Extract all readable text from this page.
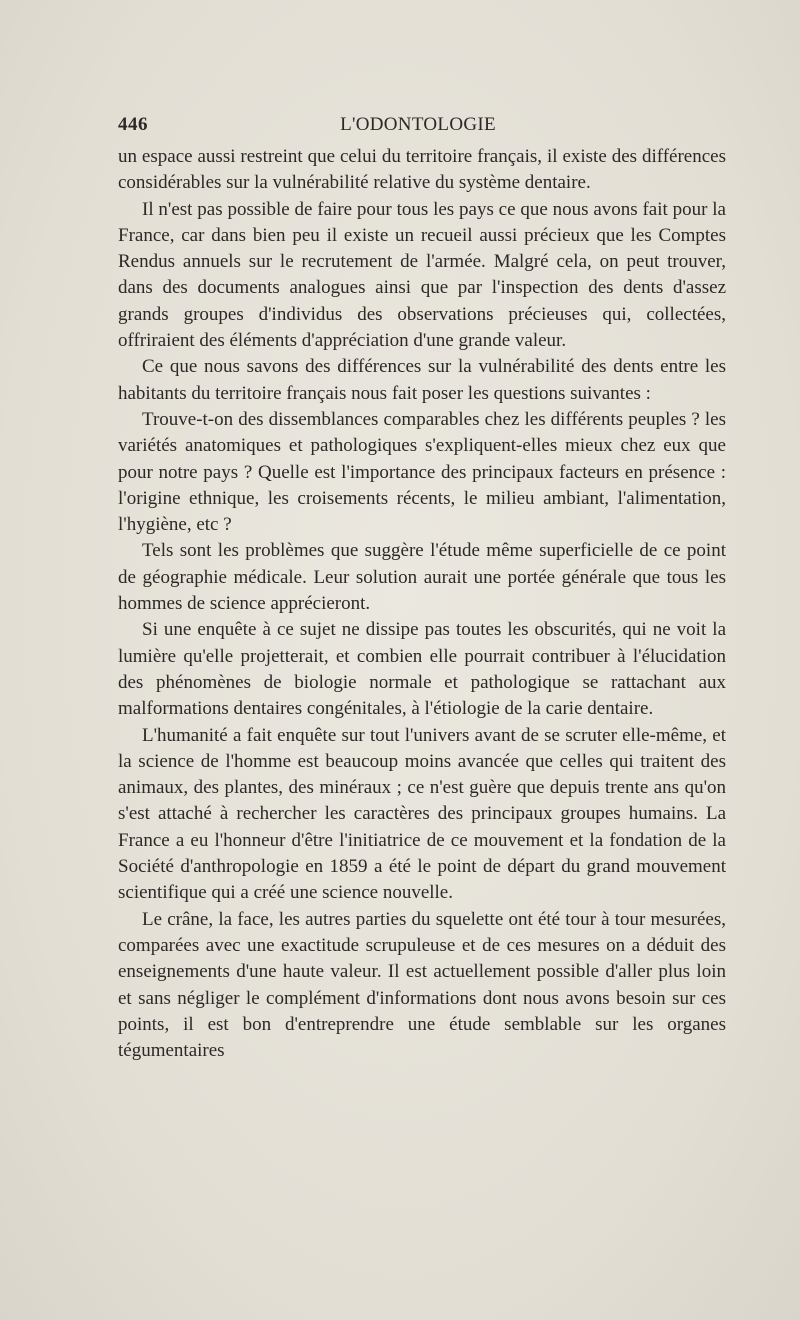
446	L'ODONTOLOGIE

un espace aussi restreint que celui du territoire français, il existe des différences considérables sur la vulnérabilité relative du système dentaire.

Il n'est pas possible de faire pour tous les pays ce que nous avons fait pour la France, car dans bien peu il existe un recueil aussi précieux que les Comptes Rendus annuels sur le recrutement de l'armée. Malgré cela, on peut trouver, dans des documents analogues ainsi que par l'inspection des dents d'assez grands groupes d'individus des observations précieuses qui, collectées, offriraient des éléments d'appréciation d'une grande valeur.

Ce que nous savons des différences sur la vulnérabilité des dents entre les habitants du territoire français nous fait poser les questions suivantes :

Trouve-t-on des dissemblances comparables chez les différents peuples ? les variétés anatomiques et pathologiques s'expliquent-elles mieux chez eux que pour notre pays ? Quelle est l'importance des principaux facteurs en présence : l'origine ethnique, les croisements récents, le milieu ambiant, l'alimentation, l'hygiène, etc ?

Tels sont les problèmes que suggère l'étude même superficielle de ce point de géographie médicale. Leur solution aurait une portée générale que tous les hommes de science apprécieront.

Si une enquête à ce sujet ne dissipe pas toutes les obscurités, qui ne voit la lumière qu'elle projetterait, et combien elle pourrait contribuer à l'élucidation des phénomènes de biologie normale et pathologique se rattachant aux malformations dentaires congénitales, à l'étiologie de la carie dentaire.

L'humanité a fait enquête sur tout l'univers avant de se scruter elle-même, et la science de l'homme est beaucoup moins avancée que celles qui traitent des animaux, des plantes, des minéraux ; ce n'est guère que depuis trente ans qu'on s'est attaché à rechercher les caractères des principaux groupes humains. La France a eu l'honneur d'être l'initiatrice de ce mouvement et la fondation de la Société d'anthropologie en 1859 a été le point de départ du grand mouvement scientifique qui a créé une science nouvelle.

Le crâne, la face, les autres parties du squelette ont été tour à tour mesurées, comparées avec une exactitude scrupuleuse et de ces mesures on a déduit des enseignements d'une haute valeur. Il est actuellement possible d'aller plus loin et sans négliger le complément d'informations dont nous avons besoin sur ces points, il est bon d'entreprendre une étude semblable sur les organes tégumentaires
